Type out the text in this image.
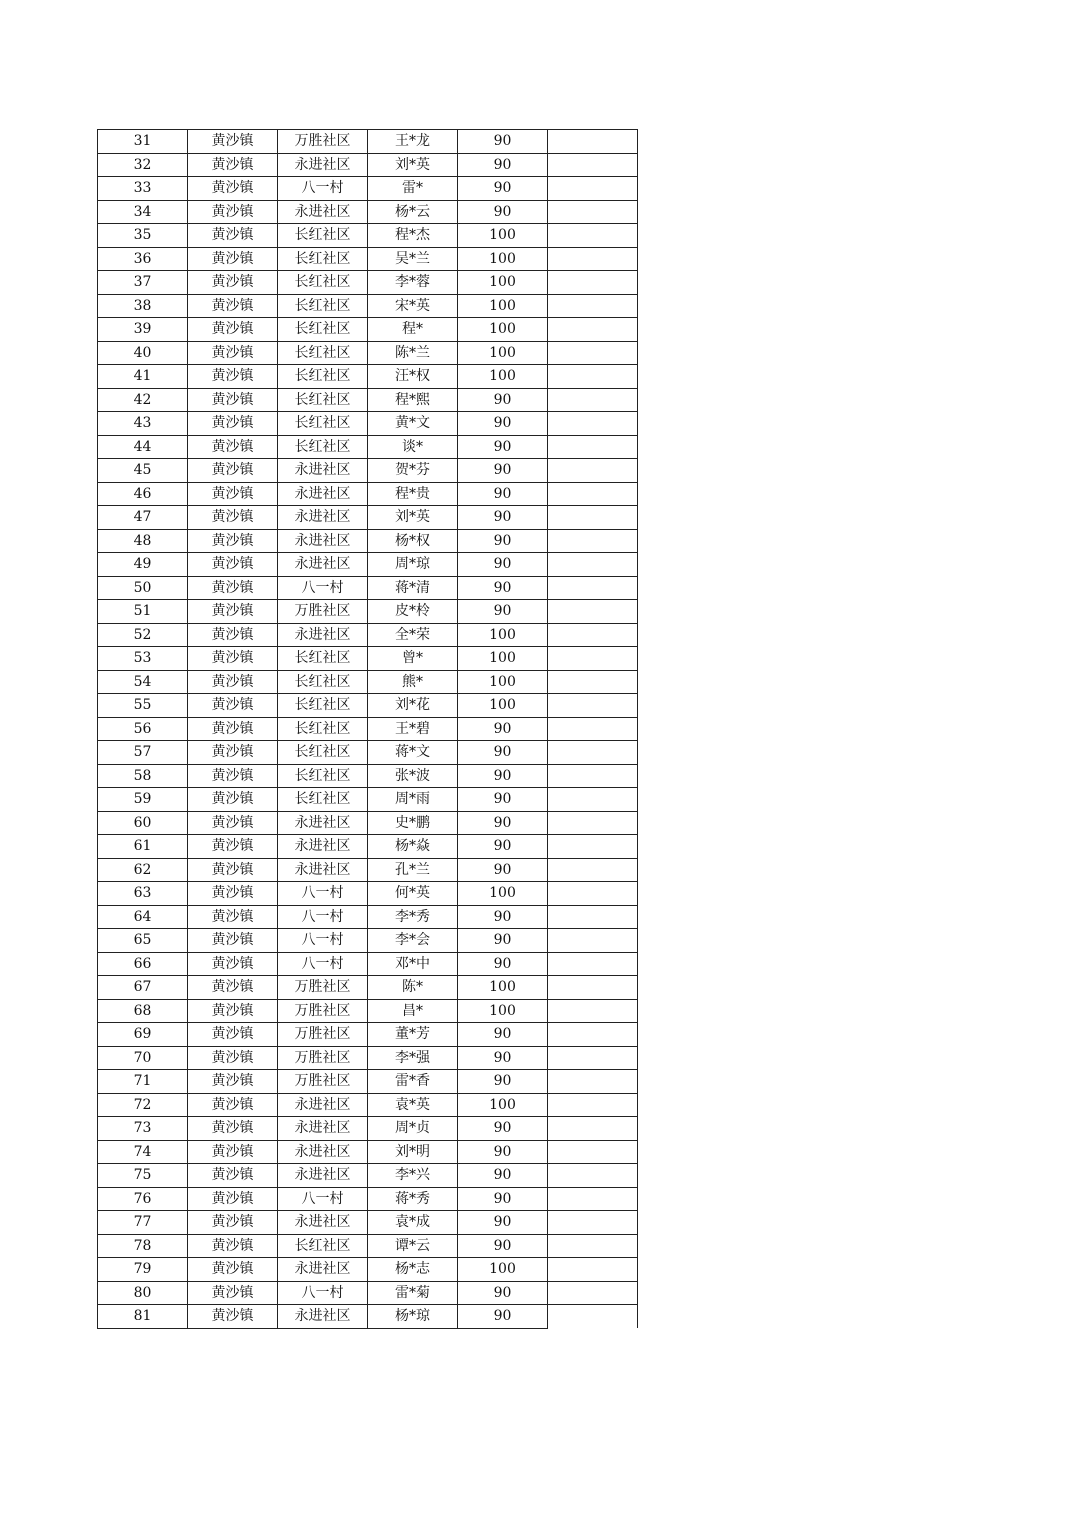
31	黄沙镇	万胜社区	王*龙	90	
32	黄沙镇	永进社区	刘*英	90	
33	黄沙镇	八一村	雷*	90	
34	黄沙镇	永进社区	杨*云	90	
35	黄沙镇	长红社区	程*杰	100	
36	黄沙镇	长红社区	吴*兰	100	
37	黄沙镇	长红社区	李*蓉	100	
38	黄沙镇	长红社区	宋*英	100	
39	黄沙镇	长红社区	程*	100	
40	黄沙镇	长红社区	陈*兰	100	
41	黄沙镇	长红社区	汪*权	100	
42	黄沙镇	长红社区	程*熙	90	
43	黄沙镇	长红社区	黄*文	90	
44	黄沙镇	长红社区	谈*	90	
45	黄沙镇	永进社区	贺*芬	90	
46	黄沙镇	永进社区	程*贵	90	
47	黄沙镇	永进社区	刘*英	90	
48	黄沙镇	永进社区	杨*权	90	
49	黄沙镇	永进社区	周*琼	90	
50	黄沙镇	八一村	蒋*清	90	
51	黄沙镇	万胜社区	皮*柃	90	
52	黄沙镇	永进社区	全*荣	100	
53	黄沙镇	长红社区	曾*	100	
54	黄沙镇	长红社区	熊*	100	
55	黄沙镇	长红社区	刘*花	100	
56	黄沙镇	长红社区	王*碧	90	
57	黄沙镇	长红社区	蒋*文	90	
58	黄沙镇	长红社区	张*波	90	
59	黄沙镇	长红社区	周*雨	90	
60	黄沙镇	永进社区	史*鹏	90	
61	黄沙镇	永进社区	杨*焱	90	
62	黄沙镇	永进社区	孔*兰	90	
63	黄沙镇	八一村	何*英	100	
64	黄沙镇	八一村	李*秀	90	
65	黄沙镇	八一村	李*会	90	
66	黄沙镇	八一村	邓*中	90	
67	黄沙镇	万胜社区	陈*	100	
68	黄沙镇	万胜社区	昌*	100	
69	黄沙镇	万胜社区	董*芳	90	
70	黄沙镇	万胜社区	李*强	90	
71	黄沙镇	万胜社区	雷*香	90	
72	黄沙镇	永进社区	袁*英	100	
73	黄沙镇	永进社区	周*贞	90	
74	黄沙镇	永进社区	刘*明	90	
75	黄沙镇	永进社区	李*兴	90	
76	黄沙镇	八一村	蒋*秀	90	
77	黄沙镇	永进社区	袁*成	90	
78	黄沙镇	长红社区	谭*云	90	
79	黄沙镇	永进社区	杨*志	100	
80	黄沙镇	八一村	雷*菊	90	
81	黄沙镇	永进社区	杨*琼	90	
